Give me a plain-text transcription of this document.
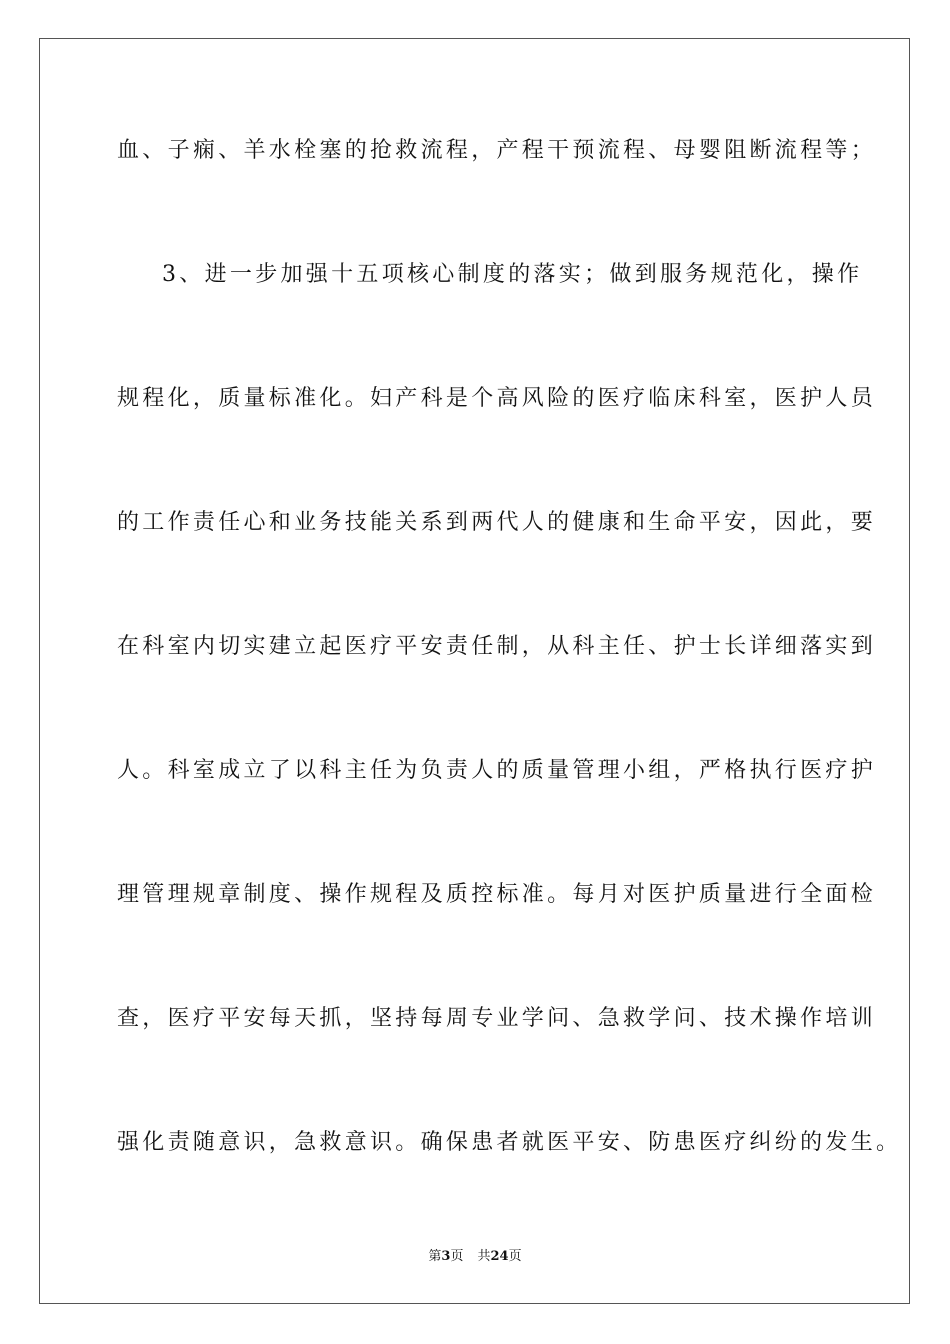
血、子痫、羊水栓塞的抢救流程，产程干预流程、母婴阻断流程等；
3、进一步加强十五项核心制度的落实；做到服务规范化，操作
规程化，质量标准化。妇产科是个高风险的医疗临床科室，医护人员
的工作责任心和业务技能关系到两代人的健康和生命平安，因此，要
在科室内切实建立起医疗平安责任制，从科主任、护士长详细落实到
人。科室成立了以科主任为负责人的质量管理小组，严格执行医疗护
理管理规章制度、操作规程及质控标准。每月对医护质量进行全面检
查，医疗平安每天抓，坚持每周专业学问、急救学问、技术操作培训
强化责随意识，急救意识。确保患者就医平安、防患医疗纠纷的发生。
第3页 共24页
